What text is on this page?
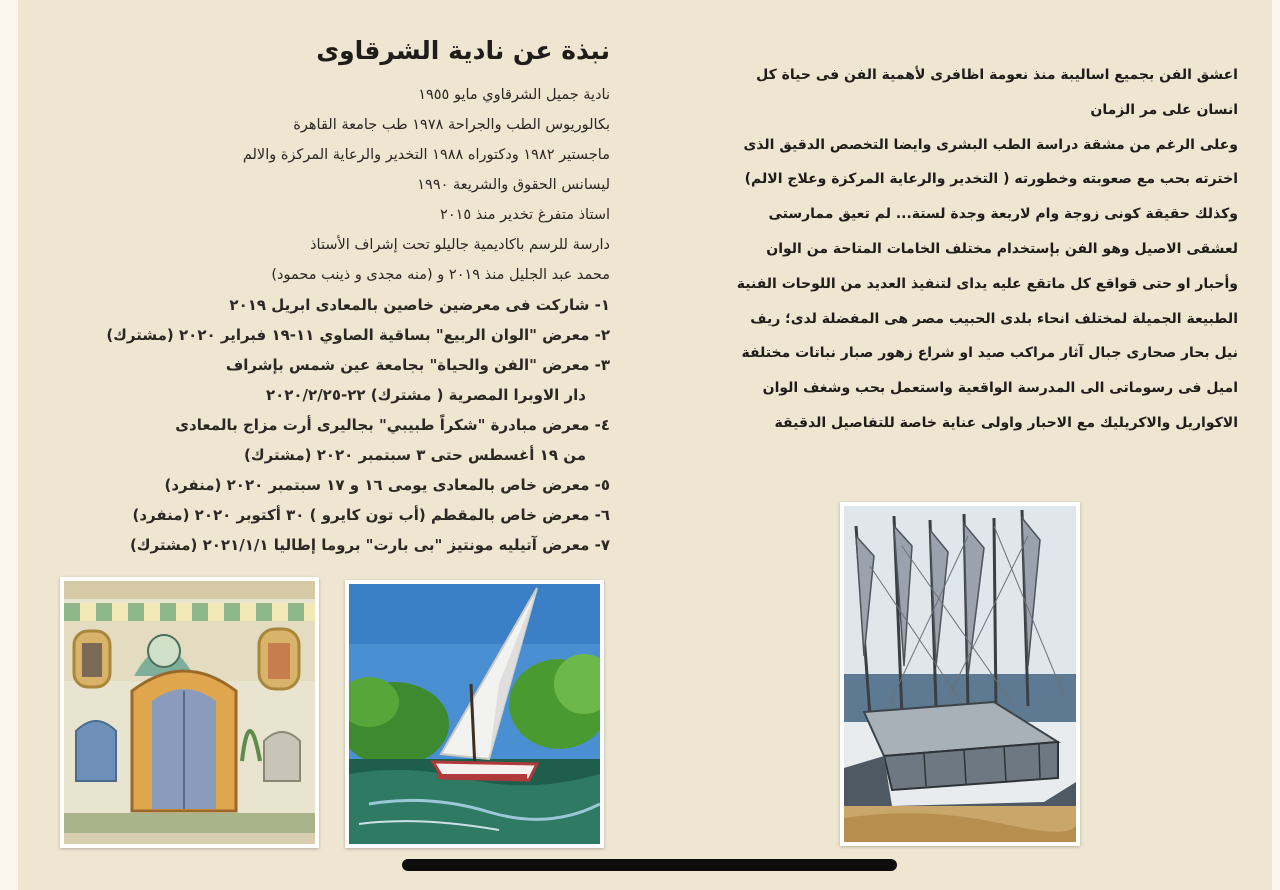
نبذة عن نادية الشرقاوى
نادية جميل الشرقاوي مايو ١٩٥٥
بكالوريوس الطب والجراحة ١٩٧٨ طب جامعة القاهرة
ماجستير ١٩٨٢ ودكتوراه ١٩٨٨ التخدير والرعاية المركزة والالم
ليسانس الحقوق والشريعة ١٩٩٠
استاذ متفرغ تخدير منذ ٢٠١٥
دارسة للرسم باكاديمية جاليلو تحت إشراف الأستاذ
محمد عبد الجليل منذ ٢٠١٩ و (منه مجدى و ذينب محمود)
١- شاركت فى معرضين خاصين بالمعادى ابريل ٢٠١٩
٢- معرض "الوان الربيع" بساقية الصاوي ١١-١٩ فبراير ٢٠٢٠ (مشترك)
٣- معرض "الفن والحياة" بجامعة عين شمس بإشراف
دار الاوبرا المصرية ( مشترك) ٢٢-٢٠٢٠/٢/٢٥
٤- معرض مبادرة "شكراً طبيبي" بجاليرى أرت مزاج بالمعادى
من ١٩ أغسطس حتى ٣ سبتمبر ٢٠٢٠ (مشترك)
٥- معرض خاص بالمعادى يومى ١٦ و ١٧ سبتمبر ٢٠٢٠ (منفرد)
٦- معرض خاص بالمقطم (أب تون كايرو ) ٣٠ أكتوبر ٢٠٢٠ (منفرد)
٧- معرض آتيليه مونتيز "بى بارت" بروما إطاليا ٢٠٢١/١/١ (مشترك)
اعشق الفن بجميع اساليبة منذ نعومة اظافرى لأهمية الفن فى حياة كل
انسان على مر الزمان
وعلى الرغم من مشقة دراسة الطب البشرى وايضا التخصص الدقيق الذى
اخترته بحب مع صعوبته وخطورته ( التخدير والرعاية المركزة وعلاج الالم)
وكذلك حقيقة كونى زوجة وام لاربعة وجدة لستة... لم تعيق ممارستى
لعشقى الاصيل وهو الفن بإستخدام مختلف الخامات المتاحة من الوان
وأحبار او حتى قواقع كل ماتقع عليه يداى لتنفيذ العديد من اللوحات الفنية
الطبيعة الجميلة لمختلف انحاء بلدى الحبيب مصر هى المفضلة لدى؛ ريف
نيل بحار صحارى جبال آثار مراكب صيد او شراع زهور صبار نباتات مختلفة
اميل فى رسوماتى الى المدرسة الواقعية واستعمل بحب وشغف الوان
الاكواريل والاكريليك مع الاحبار واولى عناية خاصة للتفاصيل الدقيقة
